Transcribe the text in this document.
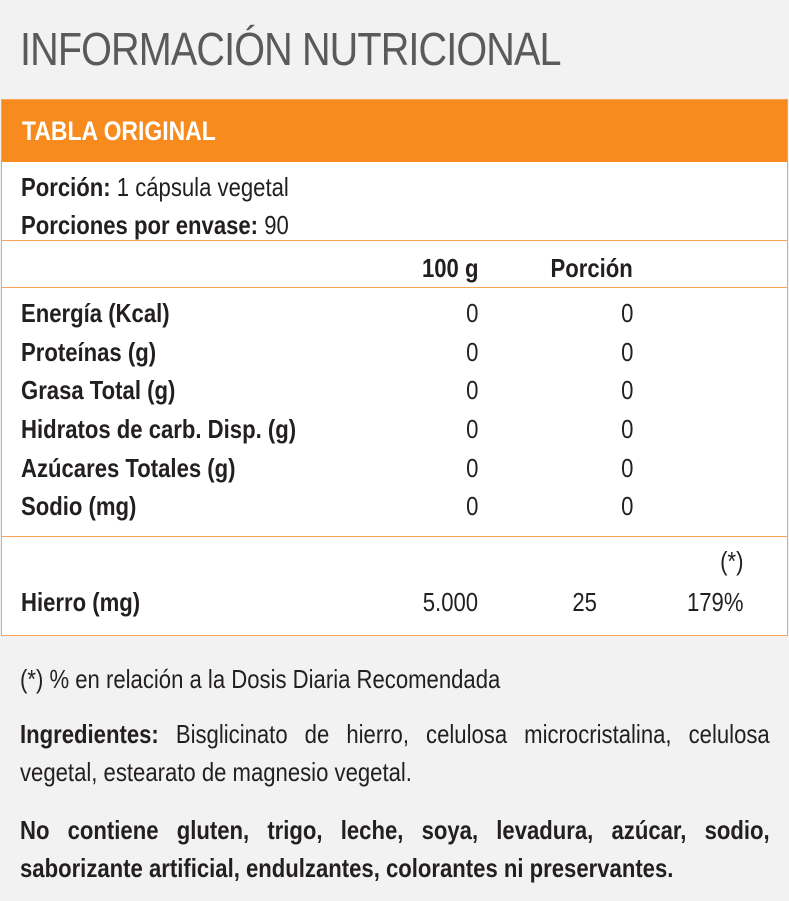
INFORMACIÓN NUTRICIONAL
TABLA ORIGINAL
Porción: 1 cápsula vegetal
Porciones por envase: 90
100 g	Porción
Energía (Kcal)	0	0
Proteínas (g)	0	0
Grasa Total (g)	0	0
Hidratos de carb. Disp. (g)	0	0
Azúcares Totales (g)	0	0
Sodio (mg)	0	0
(*)
Hierro (mg)	5.000	25	179%
(*) % en relación a la Dosis Diaria Recomendada
Ingredientes: Bisglicinato de hierro, celulosa microcristalina, celulosa vegetal, estearato de magnesio vegetal.
No contiene gluten, trigo, leche, soya, levadura, azúcar, sodio, saborizante artificial, endulzantes, colorantes ni preservantes.
